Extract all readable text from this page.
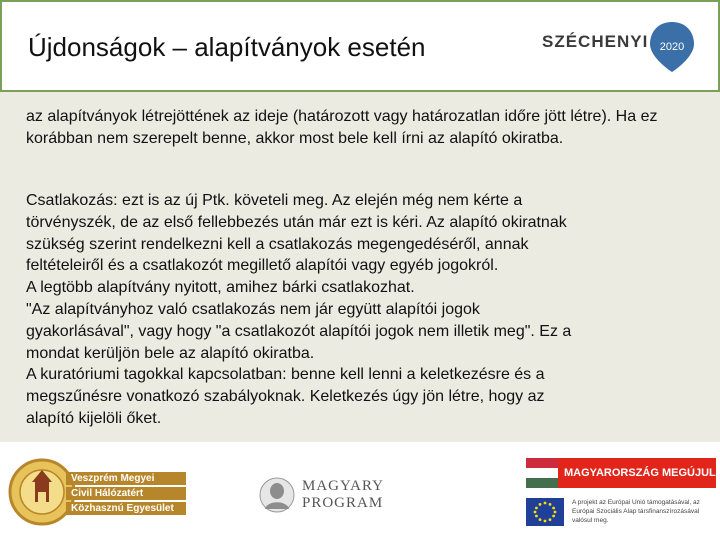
Újdonságok – alapítványok esetén	SZÉCHENYI 2020

az alapítványok létrejöttének az ideje (határozott vagy határozatlan időre jött létre). Ha ez korábban nem szerepelt benne, akkor most bele kell írni az alapító okiratba.

Csatlakozás: ezt is az új Ptk. követeli meg. Az elején még nem kérte a
törvényszék, de az első fellebbezés után már ezt is kéri. Az alapító okiratnak
szükség szerint rendelkezni kell a csatlakozás megengedéséről, annak
feltételeiről és a csatlakozót megillető alapítói vagy egyéb jogokról.
A legtöbb alapítvány nyitott, amihez bárki csatlakozhat.
"Az alapítványhoz való csatlakozás nem jár együtt alapítói jogok
gyakorlásával", vagy hogy "a csatlakozót alapítói jogok nem illetik meg". Ez a
mondat kerüljön bele az alapító okiratba.
A kuratóriumi tagokkal kapcsolatban: benne kell lenni a keletkezésre és a
megszűnésre vonatkozó szabályoknak. Keletkezés úgy jön létre, hogy az
alapító kijelöli őket.
Veszprém Megyei
Civil Hálózatért
Közhasznú Egyesület
MAGYARY
PROGRAM
MAGYARORSZÁG MEGÚJUL
A projekt az Európai Unió támogatásával, az Európai Szociális Alap társfinanszírozásával valósul meg.
